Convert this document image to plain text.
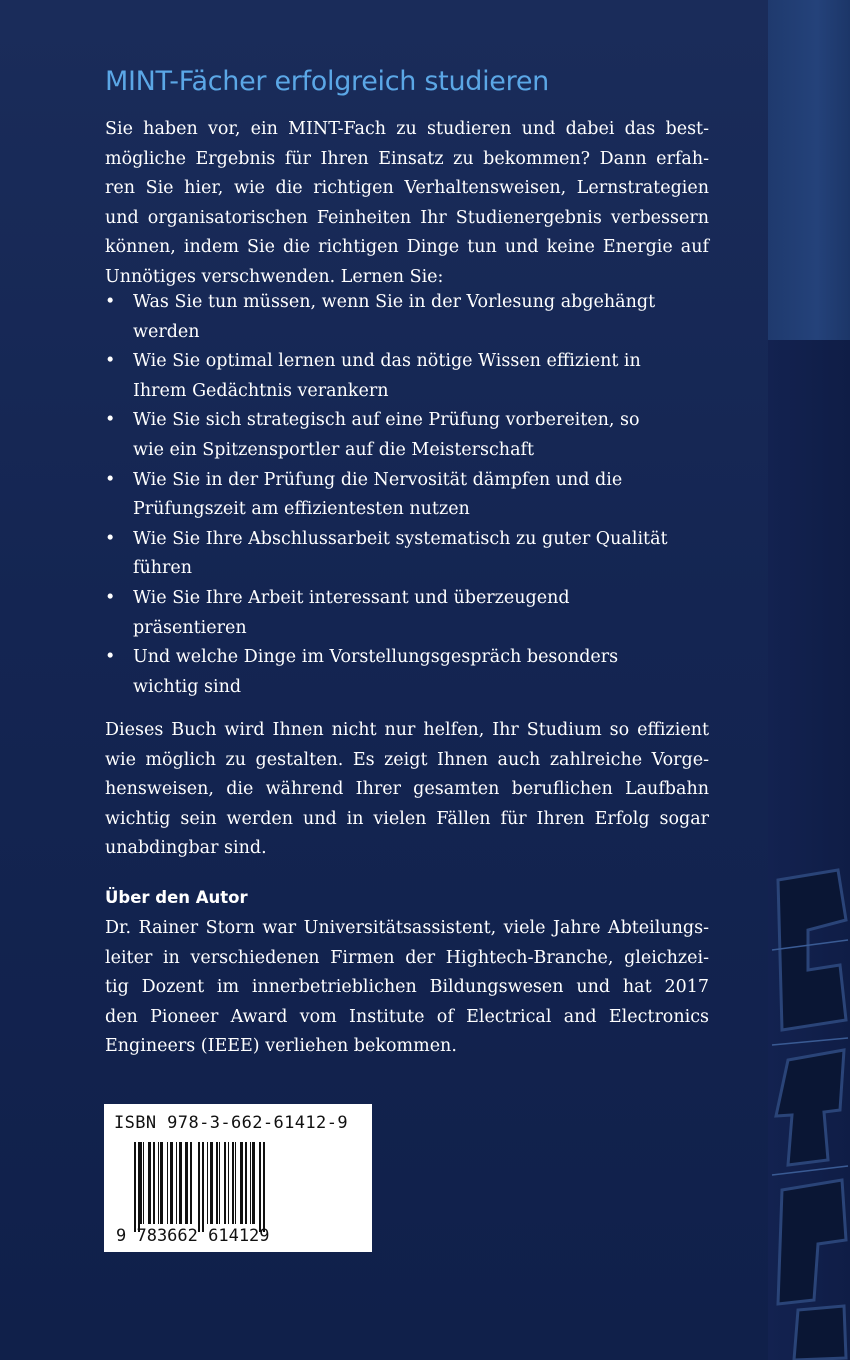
MINT-Fächer erfolgreich studieren
Sie haben vor, ein MINT-Fach zu studieren und dabei das best-
mögliche Ergebnis für Ihren Einsatz zu bekommen? Dann erfah-
ren Sie hier, wie die richtigen Verhaltensweisen, Lernstrategien
und organisatorischen Feinheiten Ihr Studienergebnis verbessern
können, indem Sie die richtigen Dinge tun und keine Energie auf
Unnötiges verschwenden. Lernen Sie:
•	Was Sie tun müssen, wenn Sie in der Vorlesung abgehängt
werden
•	Wie Sie optimal lernen und das nötige Wissen effizient in
Ihrem Gedächtnis verankern
•	Wie Sie sich strategisch auf eine Prüfung vorbereiten, so
wie ein Spitzensportler auf die Meisterschaft
•	Wie Sie in der Prüfung die Nervosität dämpfen und die
Prüfungszeit am effizientesten nutzen
•	Wie Sie Ihre Abschlussarbeit systematisch zu guter Qualität
führen
•	Wie Sie Ihre Arbeit interessant und überzeugend
präsentieren
•	Und welche Dinge im Vorstellungsgespräch besonders
wichtig sind
Dieses Buch wird Ihnen nicht nur helfen, Ihr Studium so effizient
wie möglich zu gestalten. Es zeigt Ihnen auch zahlreiche Vorge-
hensweisen, die während Ihrer gesamten beruflichen Laufbahn
wichtig sein werden und in vielen Fällen für Ihren Erfolg sogar
unabdingbar sind.
Über den Autor
Dr. Rainer Storn war Universitätsassistent, viele Jahre Abteilungs-
leiter in verschiedenen Firmen der Hightech-Branche, gleichzei-
tig Dozent im innerbetrieblichen Bildungswesen und hat 2017
den Pioneer Award vom Institute of Electrical and Electronics
Engineers (IEEE) verliehen bekommen.
ISBN 978-3-662-61412-9
9 783662 614129
